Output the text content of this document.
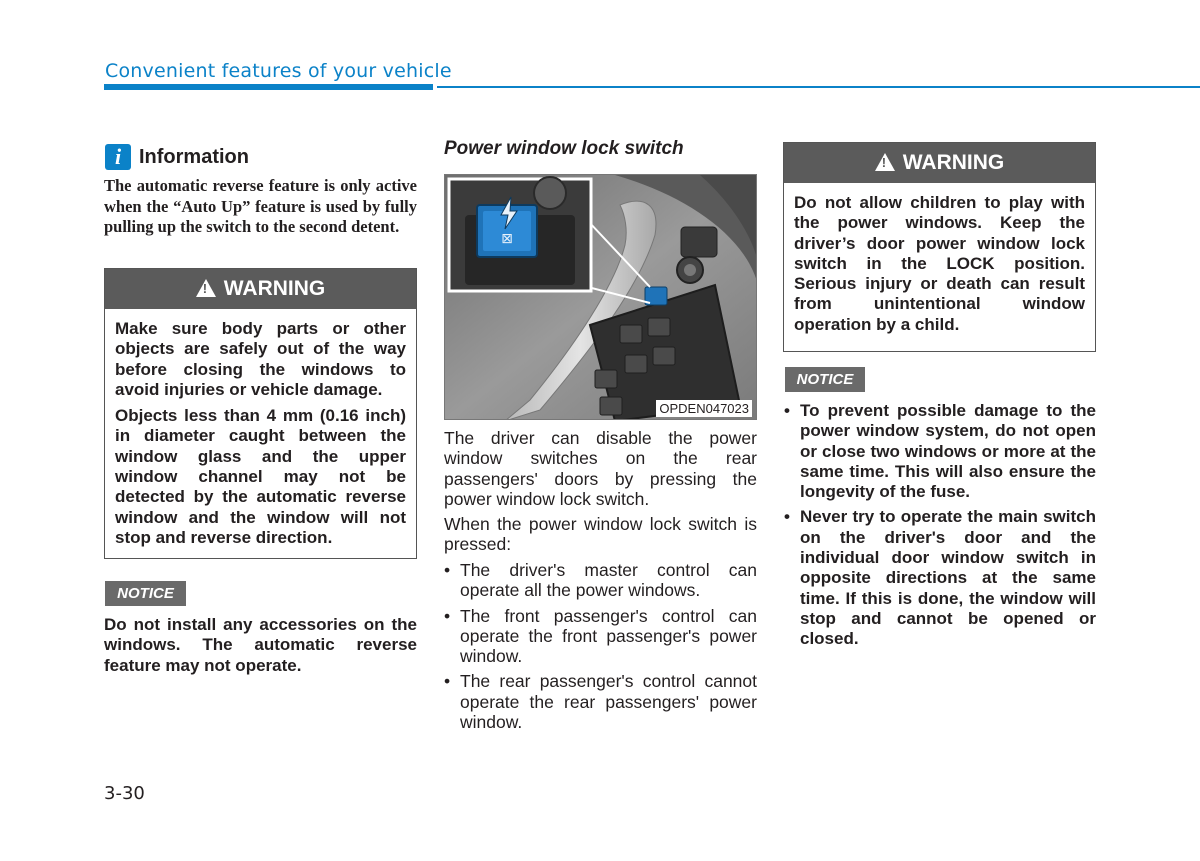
Convenient features of your vehicle
i Information
The automatic reverse feature is only active when the “Auto Up” feature is used by fully pulling up the switch to the second detent.
! WARNING

Make sure body parts or other objects are safely out of the way before closing the windows to avoid injuries or vehicle damage.

Objects less than 4 mm (0.16 inch) in diameter caught between the window glass and the upper window channel may not be detected by the automatic reverse window and the window will not stop and reverse direction.

NOTICE
Do not install any accessories on the windows. The automatic reverse feature may not operate.
Power window lock switch
⊠
OPDEN047023
The driver can disable the power window switches on the rear passengers' doors by pressing the power window lock switch.
When the power window lock switch is pressed:
• The driver's master control can operate all the power windows.
• The front passenger's control can operate the front passenger's power window.
• The rear passenger's control cannot operate the rear passengers' power window.
! WARNING

Do not allow children to play with the power windows. Keep the driver’s door power window lock switch in the LOCK position. Serious injury or death can result from unintentional window operation by a child.

NOTICE
• To prevent possible damage to the power window system, do not open or close two windows or more at the same time. This will also ensure the longevity of the fuse.
• Never try to operate the main switch on the driver's door and the individual door window switch in opposite directions at the same time. If this is done, the window will stop and cannot be opened or closed.
3-30
